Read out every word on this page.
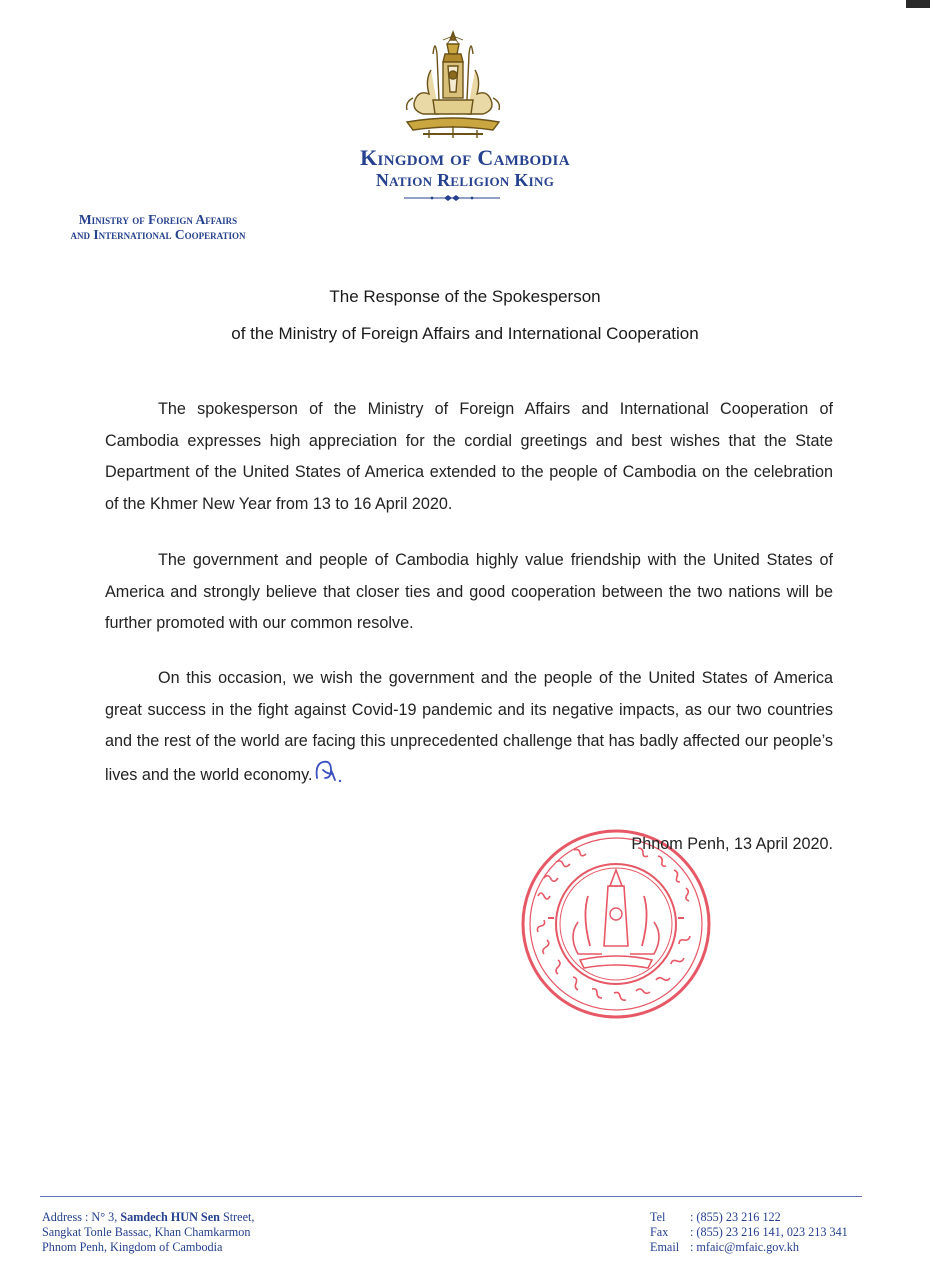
Kingdom of Cambodia
Nation Religion King
Ministry of Foreign Affairs
and International Cooperation
The Response of the Spokesperson
of the Ministry of Foreign Affairs and International Cooperation

The spokesperson of the Ministry of Foreign Affairs and International Cooperation of Cambodia expresses high appreciation for the cordial greetings and best wishes that the State Department of the United States of America extended to the people of Cambodia on the celebration of the Khmer New Year from 13 to 16 April 2020.

The government and people of Cambodia highly value friendship with the United States of America and strongly believe that closer ties and good cooperation between the two nations will be further promoted with our common resolve.

On this occasion, we wish the government and the people of the United States of America great success in the fight against Covid-19 pandemic and its negative impacts, as our two countries and the rest of the world are facing this unprecedented challenge that has badly affected our people’s lives and the world economy.

Phnom Penh, 13 April 2020.
Address : N° 3, Samdech HUN Sen Street,
Sangkat Tonle Bassac, Khan Chamkarmon
Phnom Penh, Kingdom of Cambodia
Tel : (855) 23 216 122
Fax : (855) 23 216 141, 023 213 341
Email : mfaic@mfaic.gov.kh
